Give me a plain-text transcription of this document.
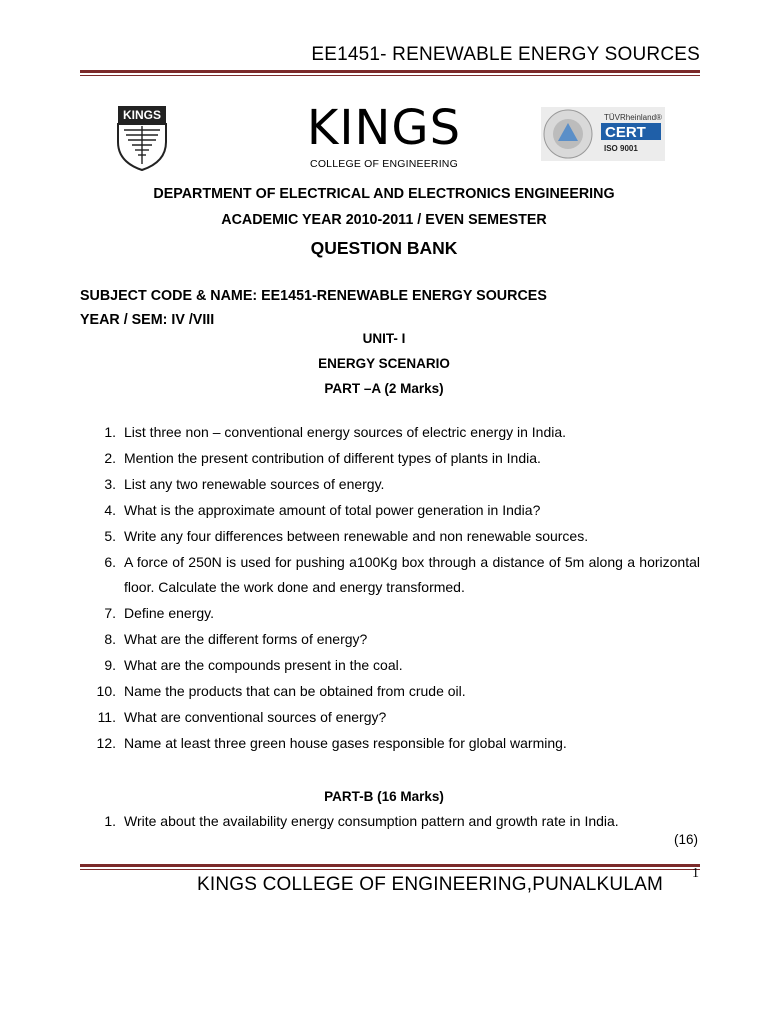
EE1451- RENEWABLE ENERGY SOURCES
KINGS	KINGS
COLLEGE OF ENGINEERING
TÜVRheinland®
CERT
ISO 9001
DEPARTMENT OF ELECTRICAL AND ELECTRONICS ENGINEERING
ACADEMIC YEAR 2010-2011 / EVEN SEMESTER
QUESTION BANK
SUBJECT CODE & NAME: EE1451-RENEWABLE ENERGY SOURCES
YEAR / SEM: IV /VIII
UNIT- I
ENERGY SCENARIO
PART –A (2 Marks)
1. List three non – conventional energy sources of electric energy in India.
2. Mention the present contribution of different types of plants in India.
3. List any two renewable sources of energy.
4. What is the approximate amount of total power generation in India?
5. Write any four differences between renewable and non renewable sources.
6. A force of 250N is used for pushing a100Kg box through a distance of 5m along a horizontal floor. Calculate the work done and energy transformed.
7. Define energy.
8. What are the different forms of energy?
9. What are the compounds present in the coal.
10. Name the products that can be obtained from crude oil.
11. What are conventional sources of energy?
12. Name at least three green house gases responsible for global warming.
PART-B (16 Marks)
1. Write about the availability energy consumption pattern and growth rate in India.
(16)
KINGS COLLEGE OF ENGINEERING,PUNALKULAM
1
